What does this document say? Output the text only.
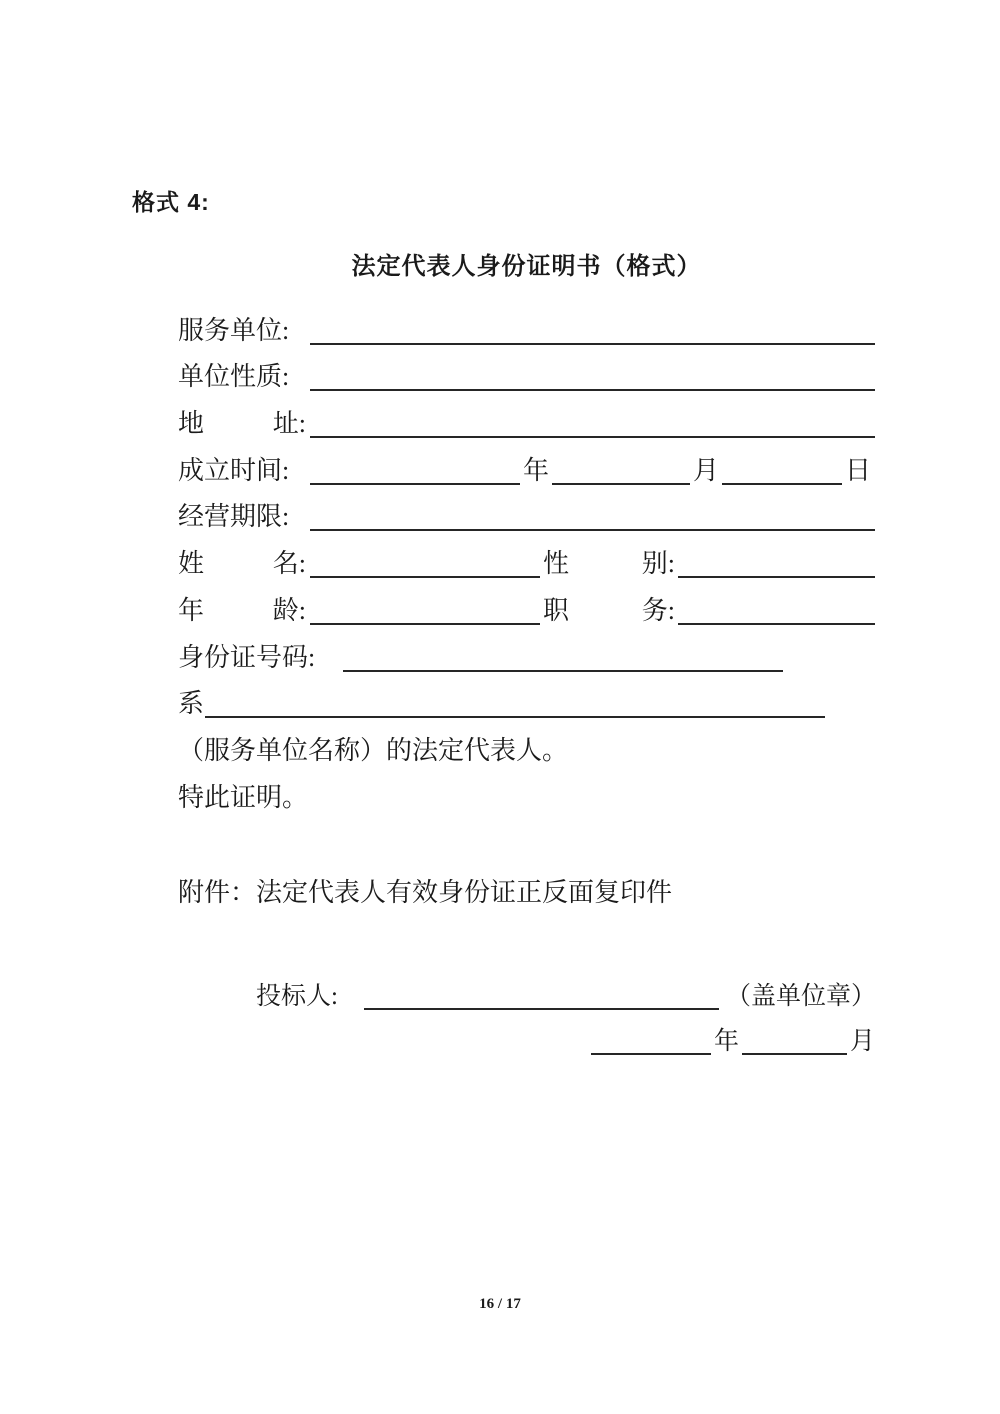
格式 4:
法定代表人身份证明书（格式）
服务单位:
单位性质:
地	址:
成立时间:	年	月	日
经营期限:
姓	名:	性	别:
年	龄:	职	务:
身份证号码:
系
（服务单位名称）的法定代表人。
特此证明。
附件：法定代表人有效身份证正反面复印件
投标人:	（盖单位章）
年	月
16 / 17
